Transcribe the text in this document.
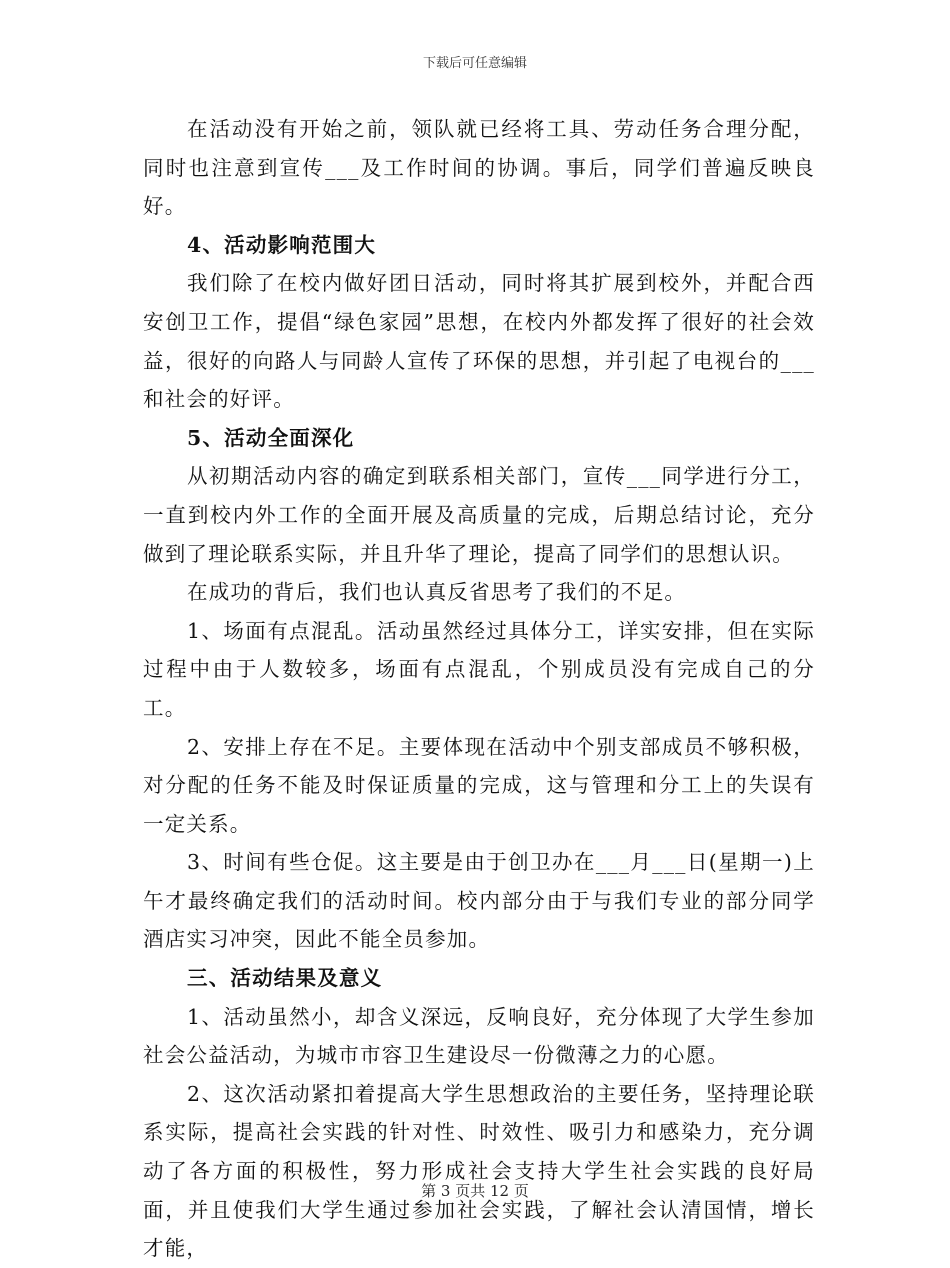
下载后可任意编辑

在活动没有开始之前，领队就已经将工具、劳动任务合理分配，同时也注意到宣传___及工作时间的协调。事后，同学们普遍反映良好。

4、活动影响范围大

我们除了在校内做好团日活动，同时将其扩展到校外，并配合西安创卫工作，提倡“绿色家园”思想，在校内外都发挥了很好的社会效益，很好的向路人与同龄人宣传了环保的思想，并引起了电视台的___和社会的好评。

5、活动全面深化

从初期活动内容的确定到联系相关部门，宣传___同学进行分工，一直到校内外工作的全面开展及高质量的完成，后期总结讨论，充分做到了理论联系实际，并且升华了理论，提高了同学们的思想认识。

在成功的背后，我们也认真反省思考了我们的不足。

1、场面有点混乱。活动虽然经过具体分工，详实安排，但在实际过程中由于人数较多，场面有点混乱，个别成员没有完成自己的分工。

2、安排上存在不足。主要体现在活动中个别支部成员不够积极，对分配的任务不能及时保证质量的完成，这与管理和分工上的失误有一定关系。

3、时间有些仓促。这主要是由于创卫办在___月___日(星期一)上午才最终确定我们的活动时间。校内部分由于与我们专业的部分同学酒店实习冲突，因此不能全员参加。

三、活动结果及意义

1、活动虽然小，却含义深远，反响良好，充分体现了大学生参加社会公益活动，为城市市容卫生建设尽一份微薄之力的心愿。

2、这次活动紧扣着提高大学生思想政治的主要任务，坚持理论联系实际，提高社会实践的针对性、时效性、吸引力和感染力，充分调动了各方面的积极性，努力形成社会支持大学生社会实践的良好局面，并且使我们大学生通过参加社会实践，了解社会认清国情，增长才能，

第 3 页共 12 页
